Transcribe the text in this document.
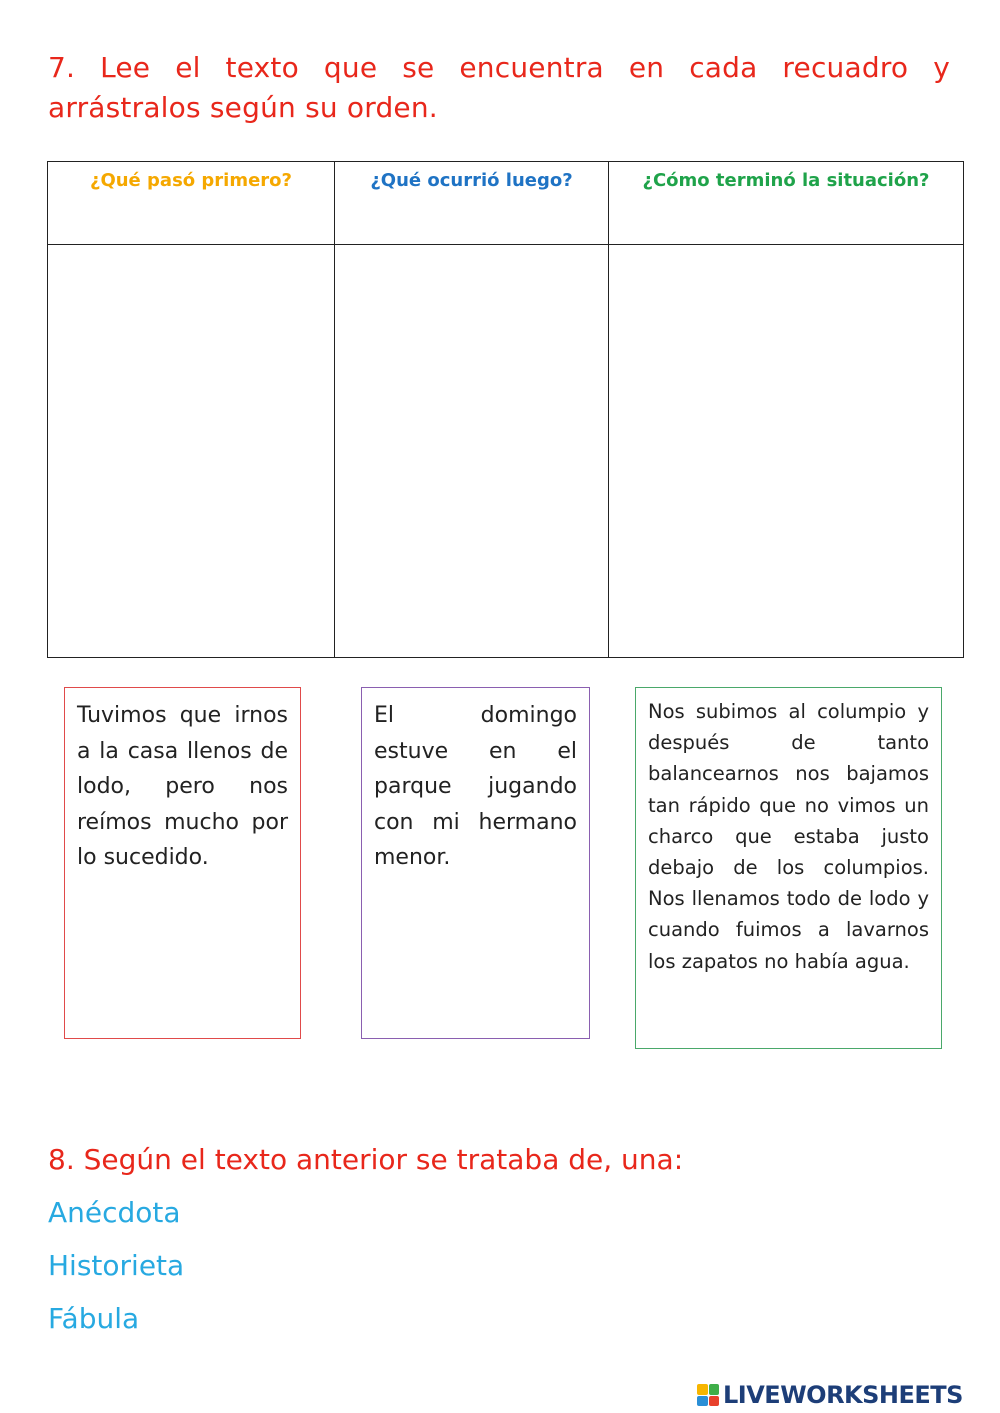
7. Lee el texto que se encuentra en cada recuadro y arrástralos según su orden.
¿Qué pasó primero?	¿Qué ocurrió luego?	¿Cómo terminó la situación?

Tuvimos que irnos a la casa llenos de lodo, pero nos reímos mucho por lo sucedido.
El domingo estuve en el parque jugando con mi hermano menor.
Nos subimos al columpio y después de tanto balancearnos nos bajamos tan rápido que no vimos un charco que estaba justo debajo de los columpios. Nos llenamos todo de lodo y cuando fuimos a lavarnos los zapatos no había agua.
8. Según el texto anterior se trataba de, una:
Anécdota
Historieta
Fábula
LIVEWORKSHEETS
